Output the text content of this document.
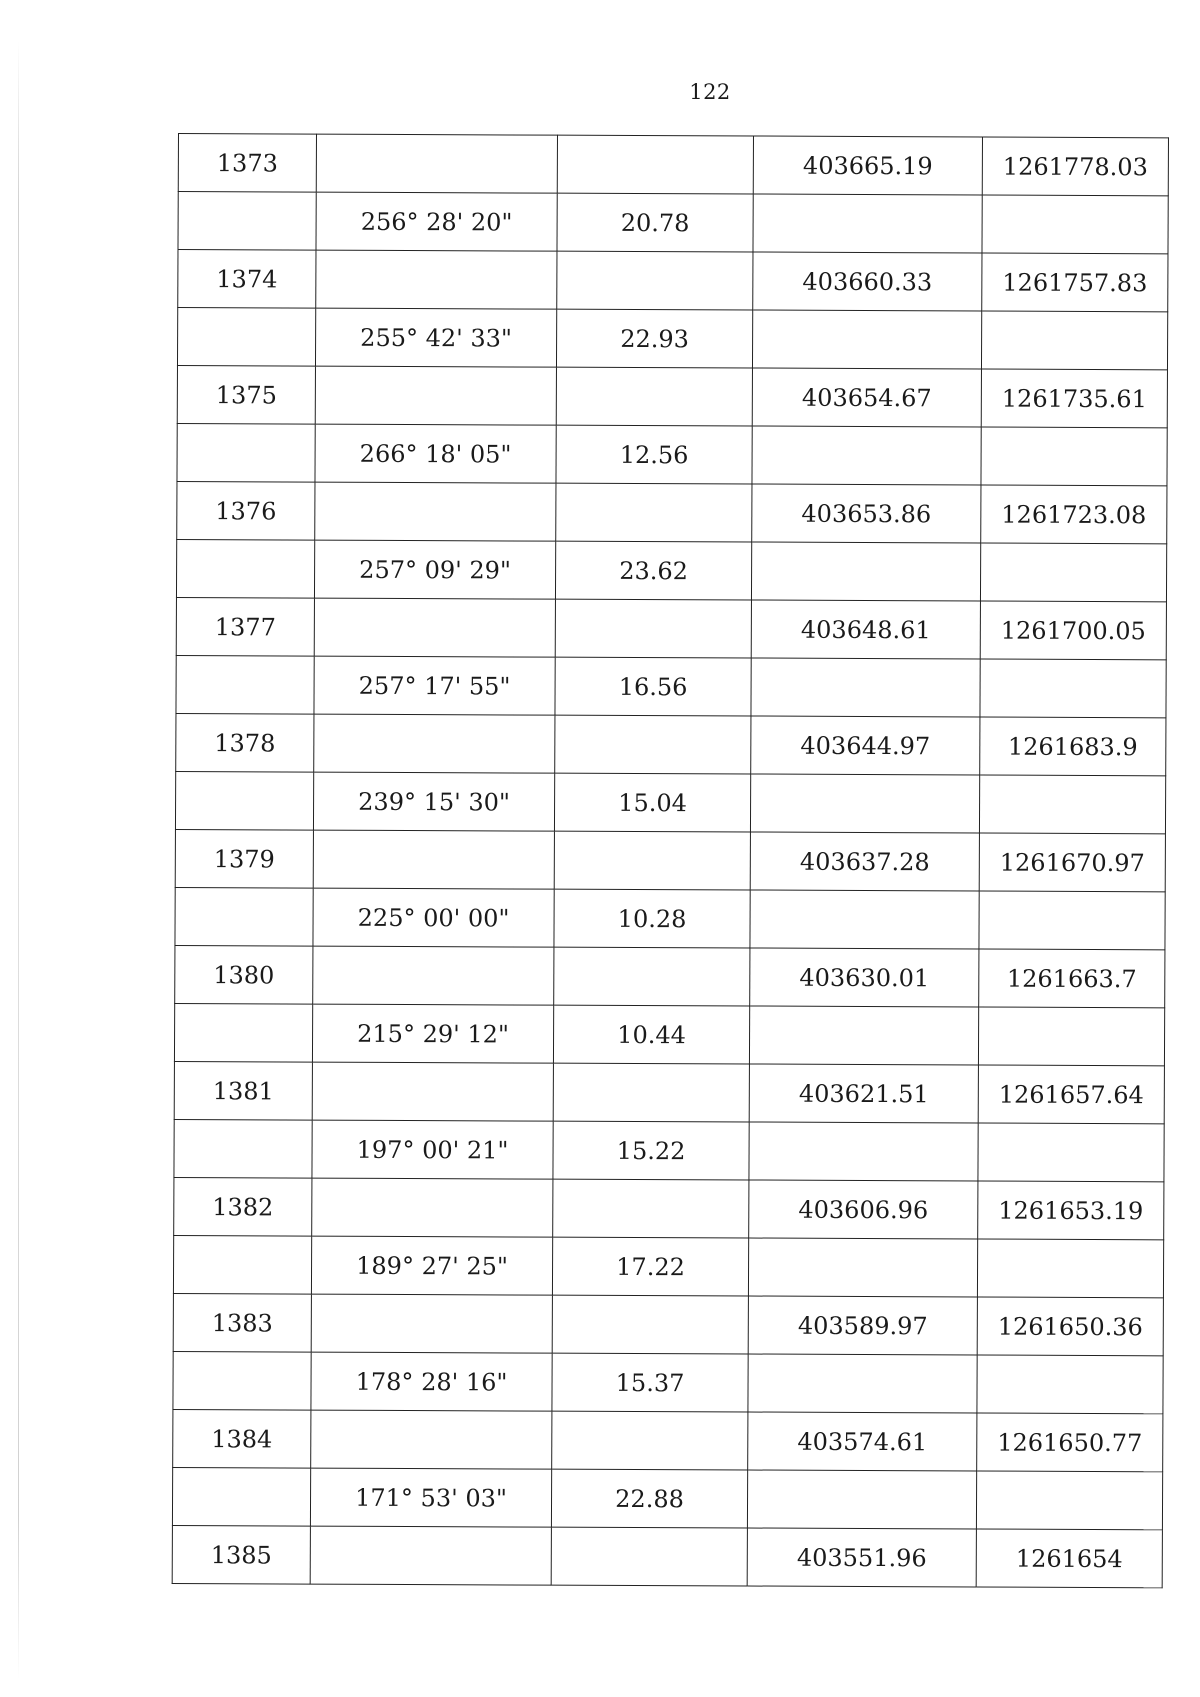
122
1373			403665.19	1261778.03
	256° 28' 20"	20.78		
1374			403660.33	1261757.83
	255° 42' 33"	22.93		
1375			403654.67	1261735.61
	266° 18' 05"	12.56		
1376			403653.86	1261723.08
	257° 09' 29"	23.62		
1377			403648.61	1261700.05
	257° 17' 55"	16.56		
1378			403644.97	1261683.9
	239° 15' 30"	15.04		
1379			403637.28	1261670.97
	225° 00' 00"	10.28		
1380			403630.01	1261663.7
	215° 29' 12"	10.44		
1381			403621.51	1261657.64
	197° 00' 21"	15.22		
1382			403606.96	1261653.19
	189° 27' 25"	17.22		
1383			403589.97	1261650.36
	178° 28' 16"	15.37		
1384			403574.61	1261650.77
	171° 53' 03"	22.88		
1385			403551.96	1261654
